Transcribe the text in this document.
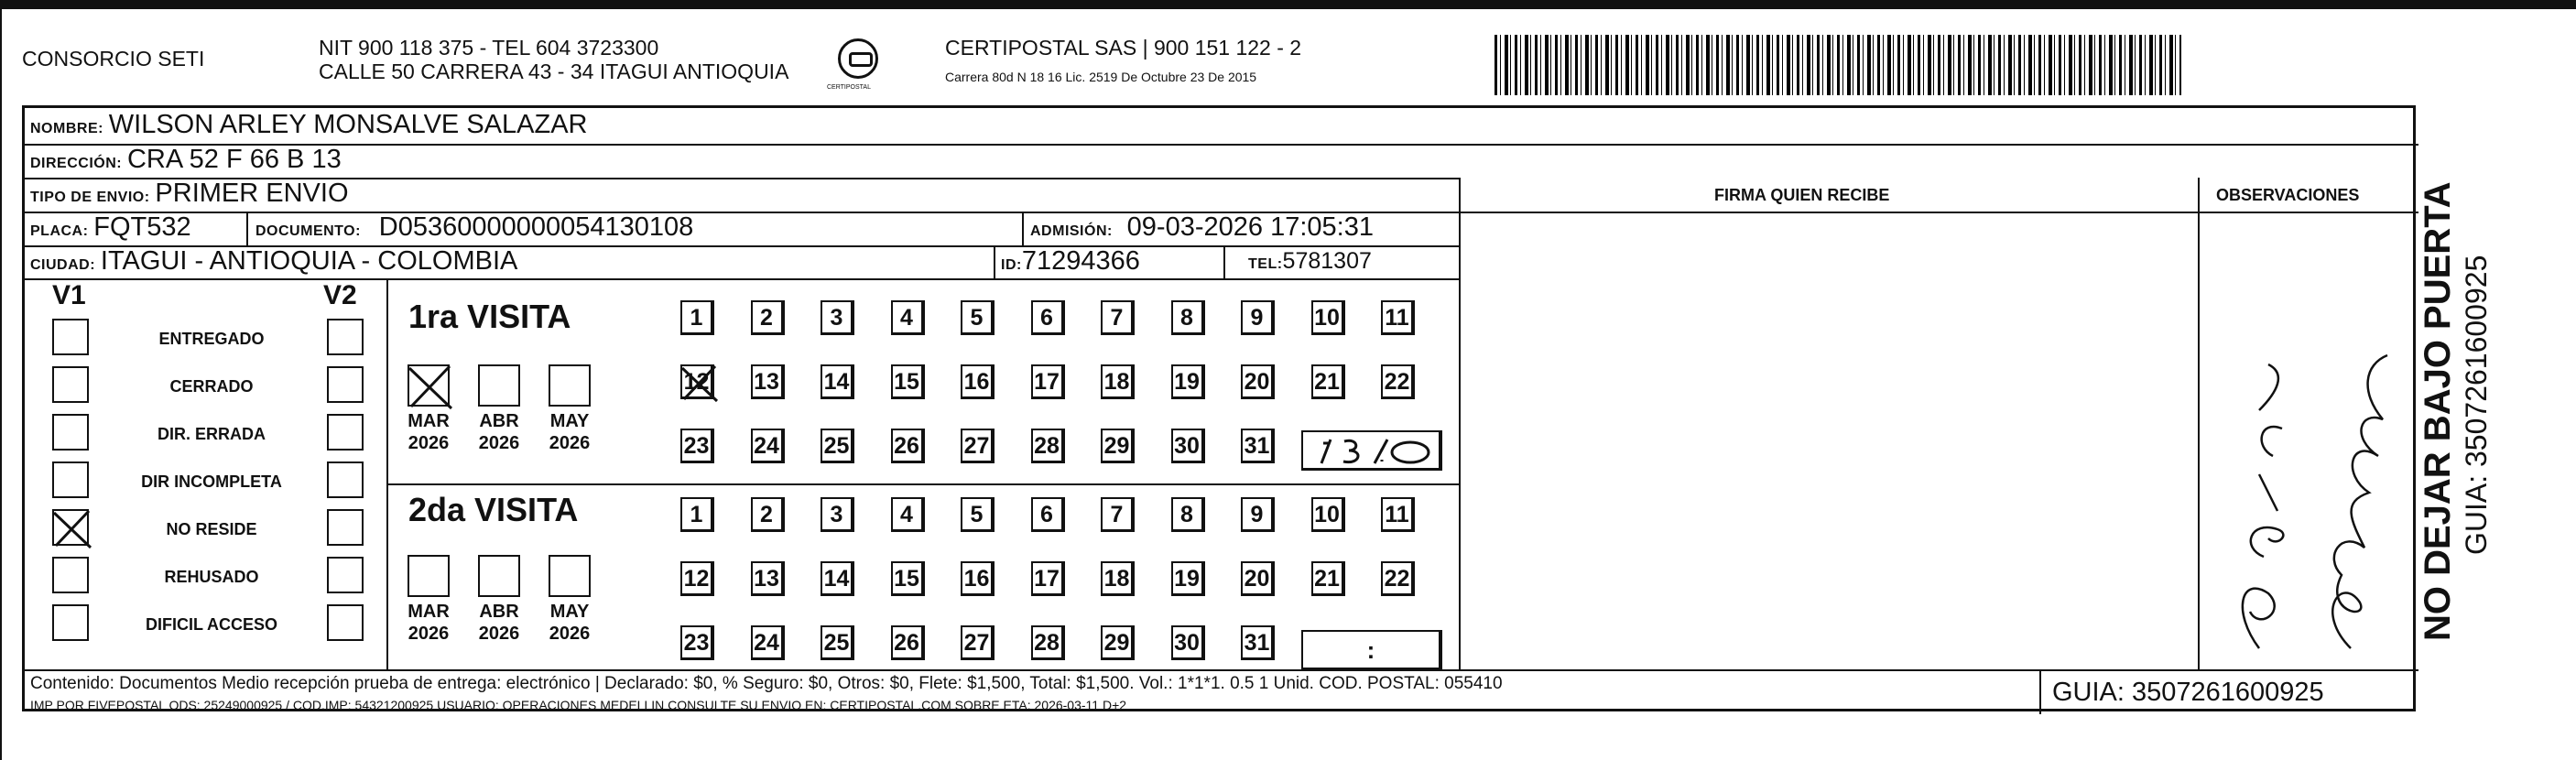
CONSORCIO SETI	NIT 900 118 375 - TEL 604 3723300
CALLE 50 CARRERA 43 - 34 ITAGUI ANTIOQUIA
CERTIPOSTAL
CERTIPOSTAL SAS | 900 151 122 - 2
Carrera 80d N 18 16 Lic. 2519 De Octubre 23 De 2015
NOMBRE: WILSON ARLEY MONSALVE SALAZAR
DIRECCIÓN: CRA 52 F 66 B 13
TIPO DE ENVIO: PRIMER ENVIO	FIRMA QUIEN RECIBE	OBSERVACIONES
PLACA: FQT532	DOCUMENTO: D05360000000054130108	ADMISIÓN: 09-03-2026 17:05:31
CIUDAD: ITAGUI - ANTIOQUIA - COLOMBIA	ID:71294366	TEL:5781307
V1	V2
1ra VISITA
2da VISITA
:
Contenido: Documentos Medio recepción prueba de entrega: electrónico | Declarado: $0, % Seguro: $0, Otros: $0, Flete: $1,500, Total: $1,500. Vol.: 1*1*1. 0.5 1 Unid. COD. POSTAL: 055410
IMP POR FIVEPOSTAL ODS: 25249000925 / COD.IMP: 54321200925 USUARIO: OPERACIONES MEDELLIN CONSULTE SU ENVIO EN: CERTIPOSTAL.COM SOBRE ETA: 2026-03-11 D+2	GUIA: 3507261600925
ENTREGADO
CERRADO
DIR. ERRADA
DIR INCOMPLETA
NO RESIDE
REHUSADO
DIFICIL ACCESO
MAR
2026
ABR
2026
MAY
2026
MAR
2026
ABR
2026
MAY
2026
1	2	3	4	5	6	7	8	9	10 11
12 13 14 15 16 17 18 19 20 21 22
23 24 25 26 27 28 29 30 31
1	2	3	4	5	6	7	8	9	10 11
12 13 14 15 16 17 18 19 20 21 22
23 24 25 26 27 28 29 30 31
NO DEJAR BAJO PUERTA GUIA: 3507261600925
